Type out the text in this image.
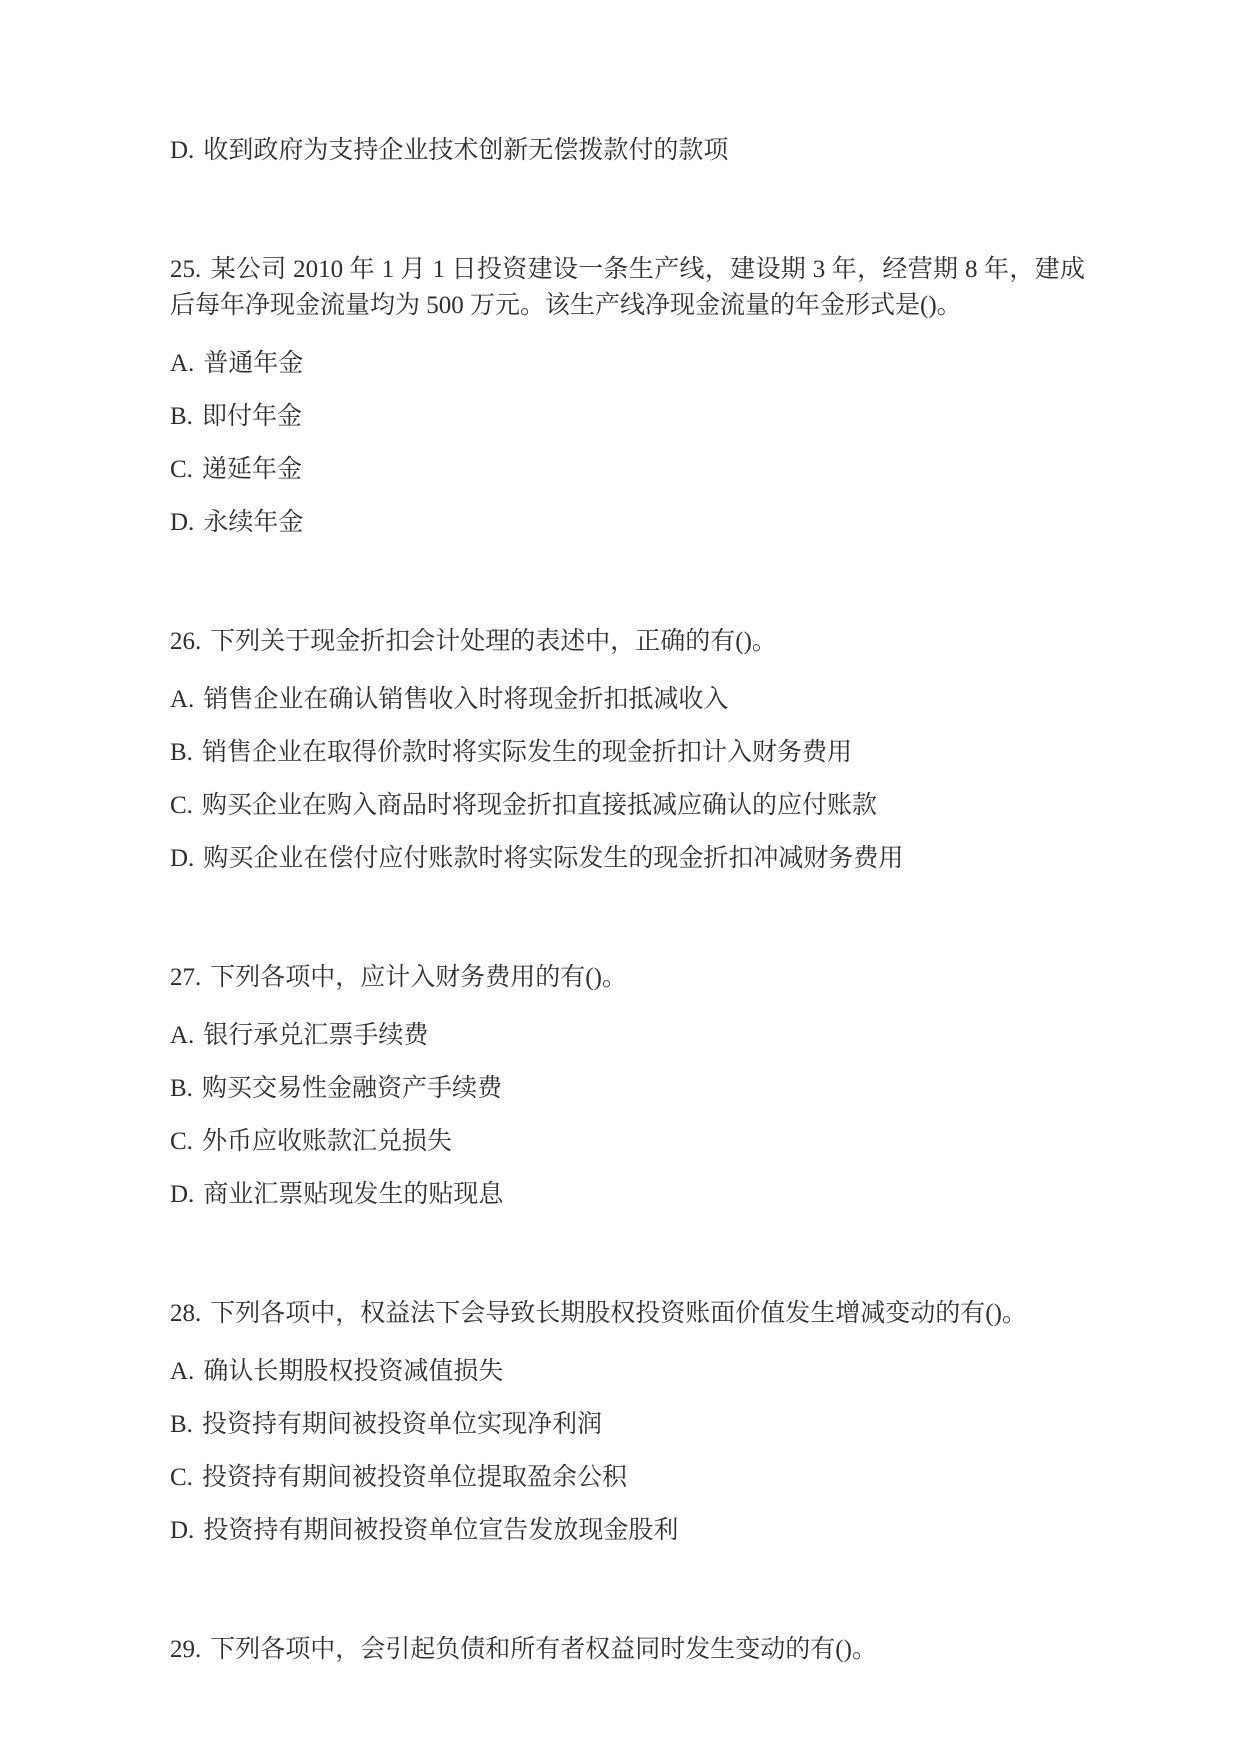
D. 收到政府为支持企业技术创新无偿拨款付的款项

25. 某公司 2010 年 1 月 1 日投资建设一条生产线，建设期 3 年，经营期 8 年，建成后每年净现金流量均为 500 万元。该生产线净现金流量的年金形式是()。

A. 普通年金
B. 即付年金
C. 递延年金
D. 永续年金

26. 下列关于现金折扣会计处理的表述中，正确的有()。

A. 销售企业在确认销售收入时将现金折扣抵减收入
B. 销售企业在取得价款时将实际发生的现金折扣计入财务费用
C. 购买企业在购入商品时将现金折扣直接抵减应确认的应付账款
D. 购买企业在偿付应付账款时将实际发生的现金折扣冲减财务费用

27. 下列各项中，应计入财务费用的有()。

A. 银行承兑汇票手续费
B. 购买交易性金融资产手续费
C. 外币应收账款汇兑损失
D. 商业汇票贴现发生的贴现息

28. 下列各项中，权益法下会导致长期股权投资账面价值发生增减变动的有()。

A. 确认长期股权投资减值损失
B. 投资持有期间被投资单位实现净利润
C. 投资持有期间被投资单位提取盈余公积
D. 投资持有期间被投资单位宣告发放现金股利

29. 下列各项中，会引起负债和所有者权益同时发生变动的有()。
